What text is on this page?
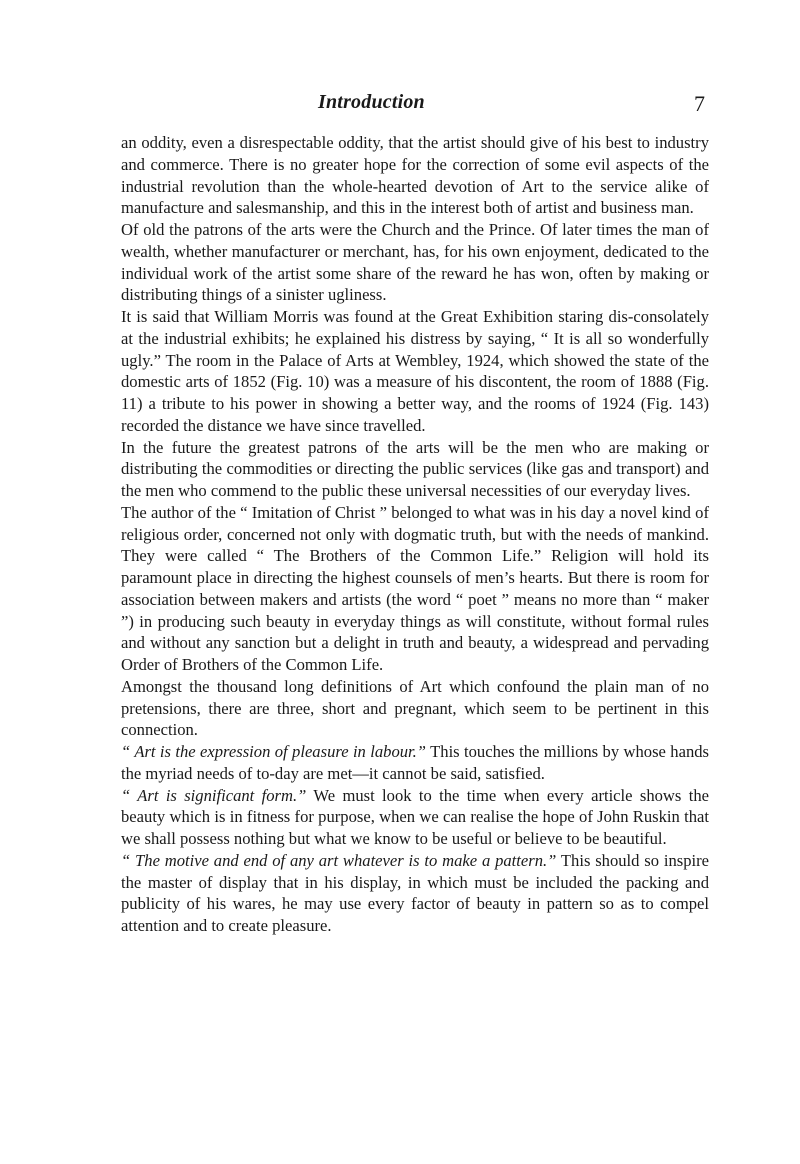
Introduction	7

an oddity, even a disrespectable oddity, that the artist should give of his best to industry and commerce. There is no greater hope for the correction of some evil aspects of the industrial revolution than the whole-hearted devotion of Art to the service alike of manufacture and salesmanship, and this in the interest both of artist and business man.

Of old the patrons of the arts were the Church and the Prince. Of later times the man of wealth, whether manufacturer or merchant, has, for his own enjoyment, dedicated to the individual work of the artist some share of the reward he has won, often by making or distributing things of a sinister ugliness.

It is said that William Morris was found at the Great Exhibition staring dis-consolately at the industrial exhibits; he explained his distress by saying, “ It is all so wonderfully ugly.” The room in the Palace of Arts at Wembley, 1924, which showed the state of the domestic arts of 1852 (Fig. 10) was a measure of his discontent, the room of 1888 (Fig. 11) a tribute to his power in showing a better way, and the rooms of 1924 (Fig. 143) recorded the distance we have since travelled.

In the future the greatest patrons of the arts will be the men who are making or distributing the commodities or directing the public services (like gas and transport) and the men who commend to the public these universal necessities of our everyday lives.

The author of the “ Imitation of Christ ” belonged to what was in his day a novel kind of religious order, concerned not only with dogmatic truth, but with the needs of mankind. They were called “ The Brothers of the Common Life.” Religion will hold its paramount place in directing the highest counsels of men’s hearts. But there is room for association between makers and artists (the word “ poet ” means no more than “ maker ”) in producing such beauty in everyday things as will constitute, without formal rules and without any sanction but a delight in truth and beauty, a widespread and pervading Order of Brothers of the Common Life.

Amongst the thousand long definitions of Art which confound the plain man of no pretensions, there are three, short and pregnant, which seem to be pertinent in this connection.

“ Art is the expression of pleasure in labour.” This touches the millions by whose hands the myriad needs of to-day are met—it cannot be said, satisfied.

“ Art is significant form.” We must look to the time when every article shows the beauty which is in fitness for purpose, when we can realise the hope of John Ruskin that we shall possess nothing but what we know to be useful or believe to be beautiful.

“ The motive and end of any art whatever is to make a pattern.” This should so inspire the master of display that in his display, in which must be included the packing and publicity of his wares, he may use every factor of beauty in pattern so as to compel attention and to create pleasure.
